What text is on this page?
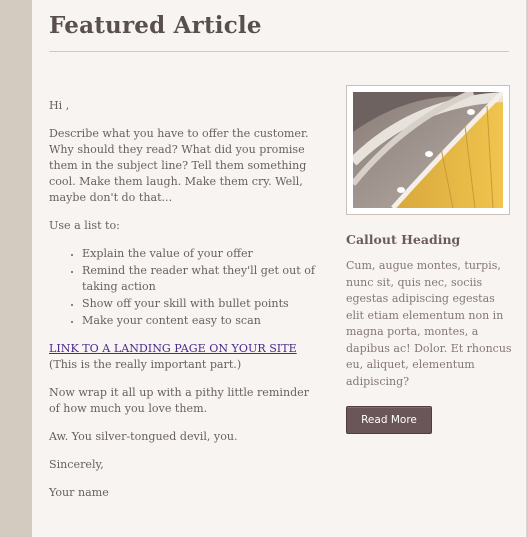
Featured Article

Hi ,

Describe what you have to offer the customer. Why should they read? What did you promise them in the subject line? Tell them something cool. Make them laugh. Make them cry. Well, maybe don't do that...

Use a list to:

• Explain the value of your offer
• Remind the reader what they'll get out of taking action
• Show off your skill with bullet points
• Make your content easy to scan

LINK TO A LANDING PAGE ON YOUR SITE (This is the really important part.)

Now wrap it all up with a pithy little reminder of how much you love them.

Aw. You silver-tongued devil, you.

Sincerely,

Your name

Callout Heading

Cum, augue montes, turpis, nunc sit, quis nec, sociis egestas adipiscing egestas elit etiam elementum non in magna porta, montes, a dapibus ac! Dolor. Et rhoncus eu, aliquet, elementum adipiscing?

Read More
